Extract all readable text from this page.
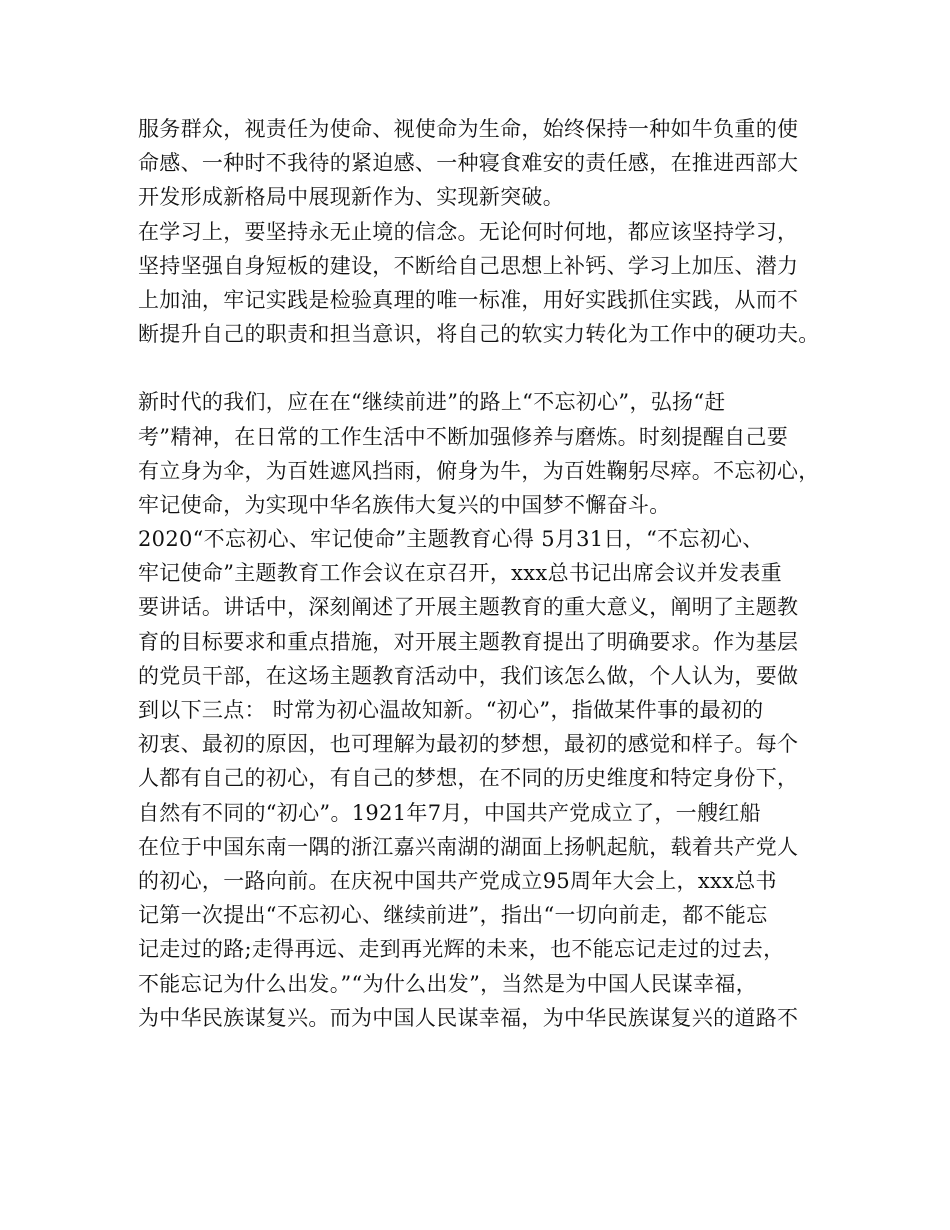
服务群众，视责任为使命、视使命为生命，始终保持一种如牛负重的使
命感、一种时不我待的紧迫感、一种寝食难安的责任感，在推进西部大
开发形成新格局中展现新作为、实现新突破。
在学习上，要坚持永无止境的信念。无论何时何地，都应该坚持学习，
坚持坚强自身短板的建设，不断给自己思想上补钙、学习上加压、潜力
上加油，牢记实践是检验真理的唯一标准，用好实践抓住实践，从而不
断提升自己的职责和担当意识，将自己的软实力转化为工作中的硬功夫。
新时代的我们，应在在“继续前进”的路上“不忘初心”，弘扬“赶
考”精神，在日常的工作生活中不断加强修养与磨炼。时刻提醒自己要
有立身为伞，为百姓遮风挡雨，俯身为牛，为百姓鞠躬尽瘁。不忘初心，
牢记使命，为实现中华名族伟大复兴的中国梦不懈奋斗。
2020“不忘初心、牢记使命”主题教育心得 5月31日，“不忘初心、
牢记使命”主题教育工作会议在京召开，xxx总书记出席会议并发表重
要讲话。讲话中，深刻阐述了开展主题教育的重大意义，阐明了主题教
育的目标要求和重点措施，对开展主题教育提出了明确要求。作为基层
的党员干部，在这场主题教育活动中，我们该怎么做，个人认为，要做
到以下三点： 时常为初心温故知新。“初心”，指做某件事的最初的
初衷、最初的原因，也可理解为最初的梦想，最初的感觉和样子。每个
人都有自己的初心，有自己的梦想，在不同的历史维度和特定身份下，
自然有不同的“初心”。1921年7月，中国共产党成立了，一艘红船
在位于中国东南一隅的浙江嘉兴南湖的湖面上扬帆起航，载着共产党人
的初心，一路向前。在庆祝中国共产党成立95周年大会上，xxx总书
记第一次提出“不忘初心、继续前进”，指出“一切向前走，都不能忘
记走过的路;走得再远、走到再光辉的未来，也不能忘记走过的过去，
不能忘记为什么出发。”“为什么出发”，当然是为中国人民谋幸福，
为中华民族谋复兴。而为中国人民谋幸福，为中华民族谋复兴的道路不
